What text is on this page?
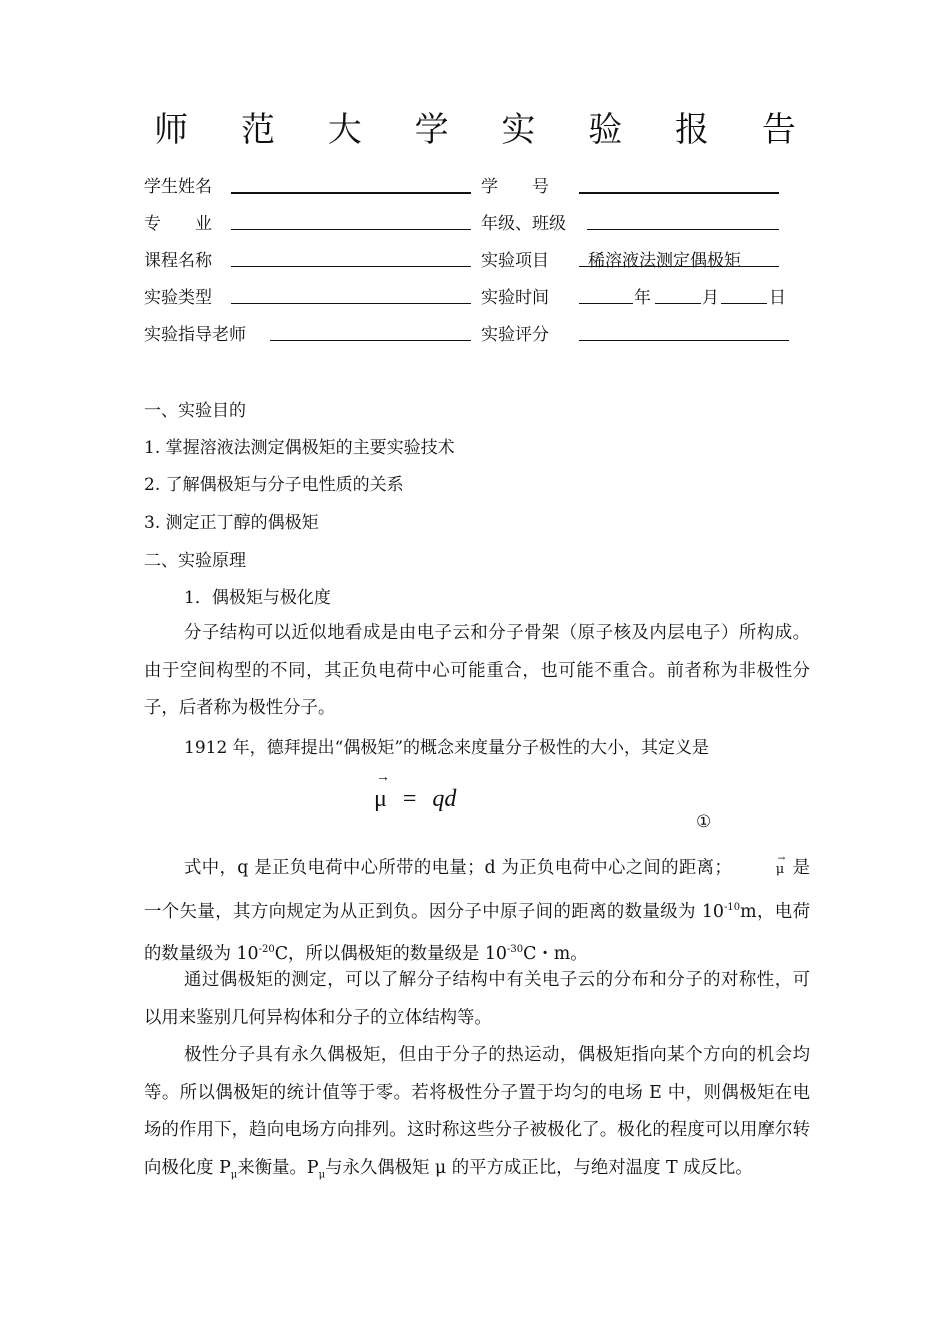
师 范 大 学 实 验 报 告
学生姓名	学　　号
专　　业	年级、班级
课程名称	实验项目 稀溶液法测定偶极矩
实验类型	实验时间	年	月	日
实验指导老师	实验评分
一、实验目的
1. 掌握溶液法测定偶极矩的主要实验技术
2. 了解偶极矩与分子电性质的关系
3. 测定正丁醇的偶极矩
二、实验原理
1．偶极矩与极化度
分子结构可以近似地看成是由电子云和分子骨架（原子核及内层电子）所构成。由于空间构型的不同，其正负电荷中心可能重合，也可能不重合。前者称为非极性分子，后者称为极性分子。
1912 年，德拜提出“偶极矩”的概念来度量分子极性的大小，其定义是
→
μ = qd
①
式中，q 是正负电荷中心所带的电量；d 为正负电荷中心之间的距离；	→
μ 是一个矢量，其方向规定为从正到负。因分子中原子间的距离的数量级为 $10^{-10}m$，电荷的数量级为 $10^{-20}C$，所以偶极矩的数量级是 $10^{-30}C$・m。
通过偶极矩的测定，可以了解分子结构中有关电子云的分布和分子的对称性，可以用来鉴别几何异构体和分子的立体结构等。
极性分子具有永久偶极矩，但由于分子的热运动，偶极矩指向某个方向的机会均等。所以偶极矩的统计值等于零。若将极性分子置于均匀的电场 E 中，则偶极矩在电场的作用下，趋向电场方向排列。这时称这些分子被极化了。极化的程度可以用摩尔转向极化度 $P_\mu$来衡量。$P_\mu$与永久偶极矩 μ 的平方成正比，与绝对温度 T 成反比。
